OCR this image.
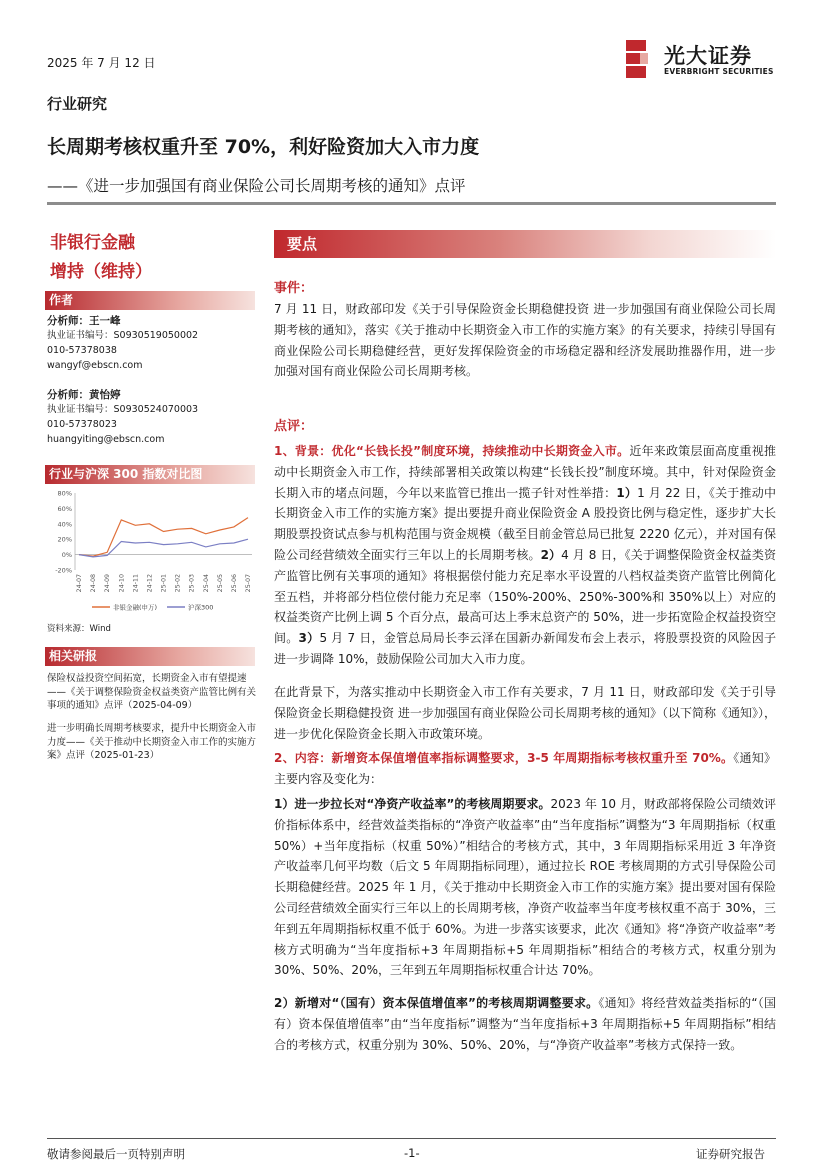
2025 年 7 月 12 日	光大证券
EVERBRIGHT SECURITIES
行业研究
长周期考核权重升至 70%，利好险资加大入市力度
——《进一步加强国有商业保险公司长周期考核的通知》点评
非银行金融
增持（维持）
作者
分析师：王一峰
执业证书编号：S0930519050002
010-57378038
wangyf@ebscn.com
分析师：黄怡婷
执业证书编号：S0930524070003
010-57378023
huangyiting@ebscn.com
行业与沪深 300 指数对比图
80%
60%
40%
20%
0%
-20%
24-07 24-08 24-09 24-10 24-11 24-12 25-01 25-02 25-03 25-04 25-05 25-06 25-07
非银金融(申万)	沪深300
资料来源：Wind
相关研报
保险权益投资空间拓宽，长期资金入市有望提速——《关于调整保险资金权益类资产监管比例有关事项的通知》点评（2025-04-09）
进一步明确长周期考核要求，提升中长期资金入市力度——《关于推动中长期资金入市工作的实施方案》点评（2025-01-23）
要点
事件：
7 月 11 日，财政部印发《关于引导保险资金长期稳健投资 进一步加强国有商业保险公司长周期考核的通知》，落实《关于推动中长期资金入市工作的实施方案》的有关要求，持续引导国有商业保险公司长期稳健经营，更好发挥保险资金的市场稳定器和经济发展助推器作用，进一步加强对国有商业保险公司长周期考核。
点评：
1、背景：优化“长钱长投”制度环境，持续推动中长期资金入市。近年来政策层面高度重视推动中长期资金入市工作，持续部署相关政策以构建“长钱长投”制度环境。其中，针对保险资金长期入市的堵点问题，今年以来监管已推出一揽子针对性举措：1）1 月 22 日，《关于推动中长期资金入市工作的实施方案》提出要提升商业保险资金 A 股投资比例与稳定性，逐步扩大长期股票投资试点参与机构范围与资金规模（截至目前金管总局已批复 2220 亿元），并对国有保险公司经营绩效全面实行三年以上的长周期考核。2）4 月 8 日，《关于调整保险资金权益类资产监管比例有关事项的通知》将根据偿付能力充足率水平设置的八档权益类资产监管比例简化至五档，并将部分档位偿付能力充足率（150%-200%、250%-300%和 350%以上）对应的权益类资产比例上调 5 个百分点，最高可达上季末总资产的 50%，进一步拓宽险企权益投资空间。3）5 月 7 日，金管总局局长李云泽在国新办新闻发布会上表示，将股票投资的风险因子进一步调降 10%，鼓励保险公司加大入市力度。
在此背景下，为落实推动中长期资金入市工作有关要求，7 月 11 日，财政部印发《关于引导保险资金长期稳健投资 进一步加强国有商业保险公司长周期考核的通知》（以下简称《通知》），进一步优化保险资金长期入市政策环境。
2、内容：新增资本保值增值率指标调整要求，3-5 年周期指标考核权重升至 70%。《通知》主要内容及变化为：
1）进一步拉长对“净资产收益率”的考核周期要求。2023 年 10 月，财政部将保险公司绩效评价指标体系中，经营效益类指标的“净资产收益率”由“当年度指标”调整为“3 年周期指标（权重 50%）+当年度指标（权重 50%）”相结合的考核方式，其中，3 年周期指标采用近 3 年净资产收益率几何平均数（后文 5 年周期指标同理），通过拉长 ROE 考核周期的方式引导保险公司长期稳健经营。2025 年 1 月，《关于推动中长期资金入市工作的实施方案》提出要对国有保险公司经营绩效全面实行三年以上的长周期考核，净资产收益率当年度考核权重不高于 30%，三年到五年周期指标权重不低于 60%。为进一步落实该要求，此次《通知》将“净资产收益率”考核方式明确为“当年度指标+3 年周期指标+5 年周期指标”相结合的考核方式，权重分别为 30%、50%、20%，三年到五年周期指标权重合计达 70%。
2）新增对“（国有）资本保值增值率”的考核周期调整要求。《通知》将经营效益类指标的“（国有）资本保值增值率”由“当年度指标”调整为“当年度指标+3 年周期指标+5 年周期指标”相结合的考核方式，权重分别为 30%、50%、20%，与“净资产收益率”考核方式保持一致。
敬请参阅最后一页特别声明	-1-	证券研究报告
